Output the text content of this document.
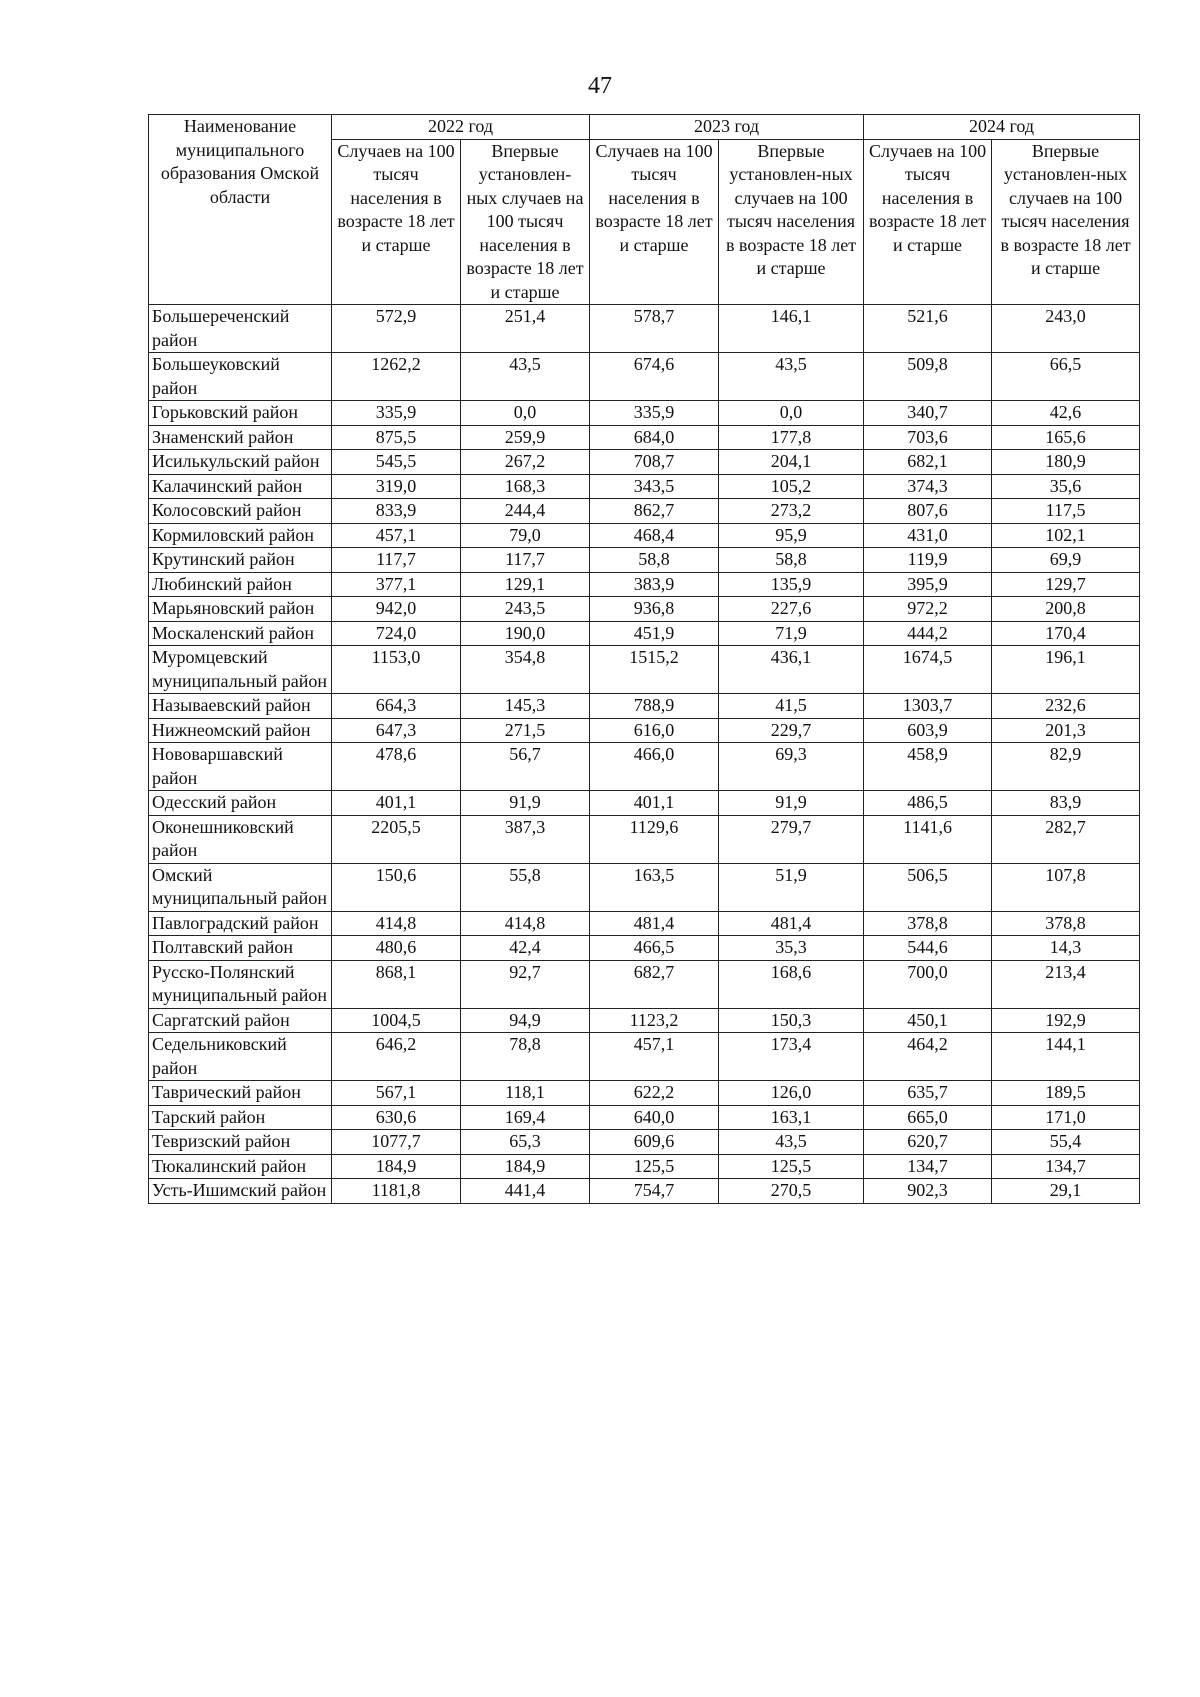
47
Наименование муниципального образования Омской области	2022 год		2023 год		2024 год	
	Случаев на 100 тысяч населения в возрасте 18 лет и старше	Впервые установлен-ных случаев на 100 тысяч населения в возрасте 18 лет и старше	Случаев на 100 тысяч населения в возрасте 18 лет и старше	Впервые установлен-ных случаев на 100 тысяч населения в возрасте 18 лет и старше	Случаев на 100 тысяч населения в возрасте 18 лет и старше	Впервые установлен-ных случаев на 100 тысяч населения в возрасте 18 лет и старше
Большереченский район	572,9	251,4	578,7	146,1	521,6	243,0
Большеуковский район	1262,2	43,5	674,6	43,5	509,8	66,5
Горьковский район	335,9	0,0	335,9	0,0	340,7	42,6
Знаменский район	875,5	259,9	684,0	177,8	703,6	165,6
Исилькульский район	545,5	267,2	708,7	204,1	682,1	180,9
Калачинский район	319,0	168,3	343,5	105,2	374,3	35,6
Колосовский район	833,9	244,4	862,7	273,2	807,6	117,5
Кормиловский район	457,1	79,0	468,4	95,9	431,0	102,1
Крутинский район	117,7	117,7	58,8	58,8	119,9	69,9
Любинский район	377,1	129,1	383,9	135,9	395,9	129,7
Марьяновский район	942,0	243,5	936,8	227,6	972,2	200,8
Москаленский район	724,0	190,0	451,9	71,9	444,2	170,4
Муромцевский муниципальный район	1153,0	354,8	1515,2	436,1	1674,5	196,1
Называевский район	664,3	145,3	788,9	41,5	1303,7	232,6
Нижнеомский район	647,3	271,5	616,0	229,7	603,9	201,3
Нововаршавский район	478,6	56,7	466,0	69,3	458,9	82,9
Одесский район	401,1	91,9	401,1	91,9	486,5	83,9
Оконешниковский район	2205,5	387,3	1129,6	279,7	1141,6	282,7
Омский муниципальный район	150,6	55,8	163,5	51,9	506,5	107,8
Павлоградский район	414,8	414,8	481,4	481,4	378,8	378,8
Полтавский район	480,6	42,4	466,5	35,3	544,6	14,3
Русско-Полянский муниципальный район	868,1	92,7	682,7	168,6	700,0	213,4
Саргатский район	1004,5	94,9	1123,2	150,3	450,1	192,9
Седельниковский район	646,2	78,8	457,1	173,4	464,2	144,1
Таврический район	567,1	118,1	622,2	126,0	635,7	189,5
Тарский район	630,6	169,4	640,0	163,1	665,0	171,0
Тевризский район	1077,7	65,3	609,6	43,5	620,7	55,4
Тюкалинский район	184,9	184,9	125,5	125,5	134,7	134,7
Усть-Ишимский район	1181,8	441,4	754,7	270,5	902,3	29,1
